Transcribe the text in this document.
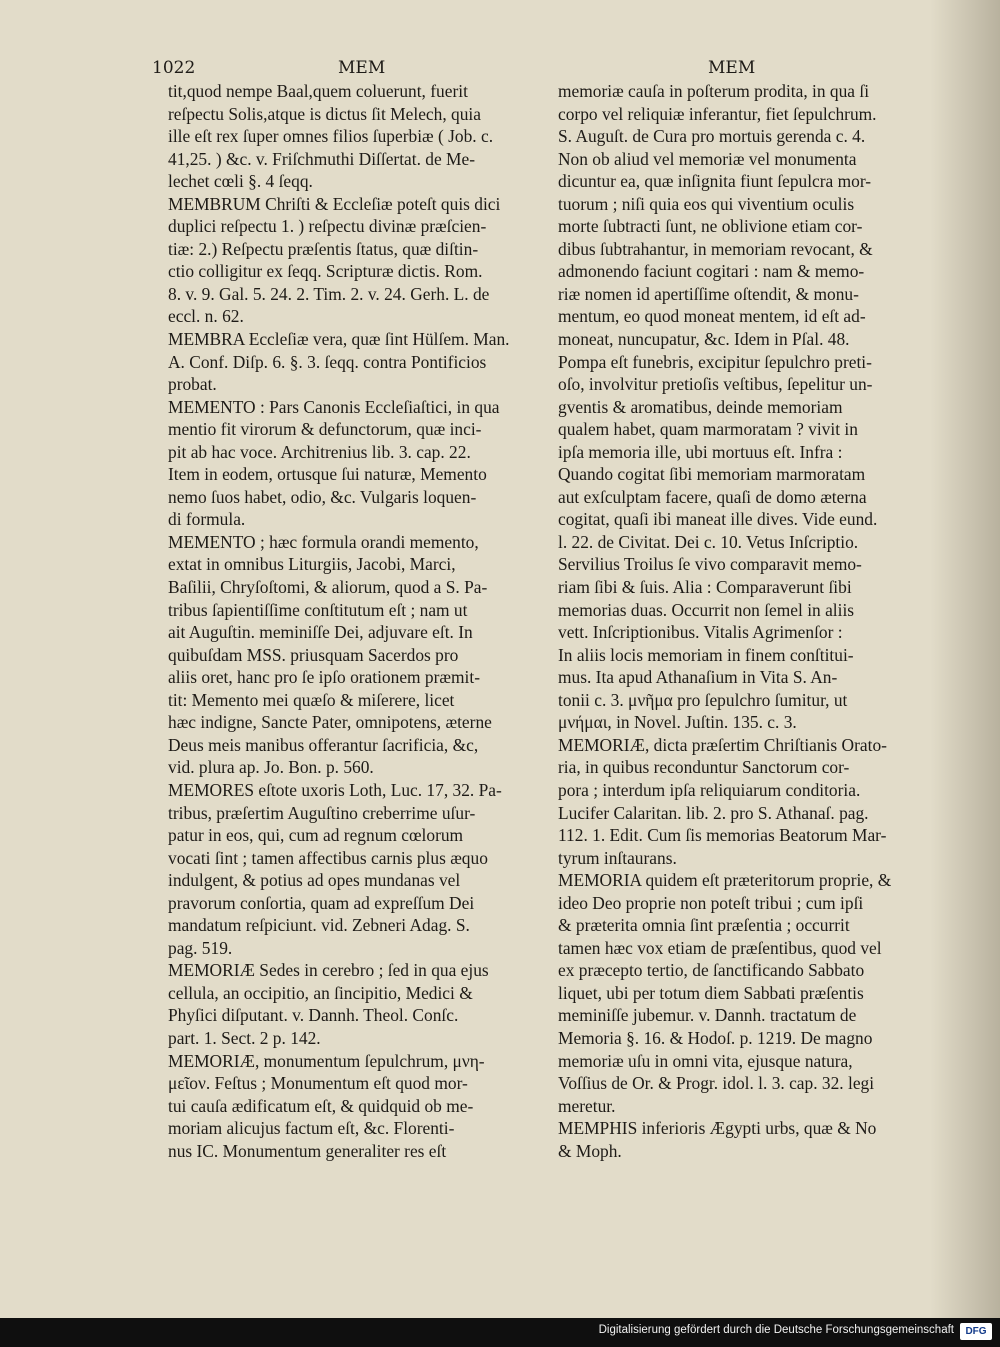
1022	MEM	MEM
tit,quod nempe Baal,quem coluerunt, fuerit
reſpectu Solis,atque is dictus ſit Melech, quia
ille eſt rex ſuper omnes filios ſuperbiæ ( Job. c.
41,25. ) &c. v. Friſchmuthi Diſſertat. de Me-
lechet cœli §. 4 ſeqq.
MEMBRUM Chriſti & Eccleſiæ poteſt quis dici
duplici reſpectu 1. ) reſpectu divinæ præſcien-
tiæ: 2.) Reſpectu præſentis ſtatus, quæ diſtin-
ctio colligitur ex ſeqq. Scripturæ dictis. Rom.
8. v. 9. Gal. 5. 24. 2. Tim. 2. v. 24. Gerh. L. de
eccl. n. 62.
MEMBRA Eccleſiæ vera, quæ ſint Hülſem. Man.
A. Conf. Diſp. 6. §. 3. ſeqq. contra Pontificios
probat.
MEMENTO : Pars Canonis Eccleſiaſtici, in qua
mentio fit virorum & defunctorum, quæ inci-
pit ab hac voce. Architrenius lib. 3. cap. 22.
Item in eodem, ortusque ſui naturæ, Memento
nemo ſuos habet, odio, &c. Vulgaris loquen-
di formula.
MEMENTO ; hæc formula orandi memento,
extat in omnibus Liturgiis, Jacobi, Marci,
Baſilii, Chryſoſtomi, & aliorum, quod a S. Pa-
tribus ſapientiſſime conſtitutum eſt ; nam ut
ait Auguſtin. meminiſſe Dei, adjuvare eſt. In
quibuſdam MSS. priusquam Sacerdos pro
aliis oret, hanc pro ſe ipſo orationem præmit-
tit: Memento mei quæſo & miſerere, licet
hæc indigne, Sancte Pater, omnipotens, æterne
Deus meis manibus offerantur ſacrificia, &c,
vid. plura ap. Jo. Bon. p. 560.
MEMORES eſtote uxoris Loth, Luc. 17, 32. Pa-
tribus, præſertim Auguſtino creberrime uſur-
patur in eos, qui, cum ad regnum cœlorum
vocati ſint ; tamen affectibus carnis plus æquo
indulgent, & potius ad opes mundanas vel
pravorum conſortia, quam ad expreſſum Dei
mandatum reſpiciunt. vid. Zebneri Adag. S.
pag. 519.
MEMORIÆ Sedes in cerebro ; ſed in qua ejus
cellula, an occipitio, an ſincipitio, Medici &
Phyſici diſputant. v. Dannh. Theol. Conſc.
part. 1. Sect. 2 p. 142.
MEMORIÆ, monumentum ſepulchrum, μνη-
μεῖον. Feſtus ; Monumentum eſt quod mor-
tui cauſa ædificatum eſt, & quidquid ob me-
moriam alicujus factum eſt, &c. Florenti-
nus IC. Monumentum generaliter res eſt
memoriæ cauſa in poſterum prodita, in qua ſi
corpo vel reliquiæ inferantur, fiet ſepulchrum.
S. Auguſt. de Cura pro mortuis gerenda c. 4.
Non ob aliud vel memoriæ vel monumenta
dicuntur ea, quæ inſignita fiunt ſepulcra mor-
tuorum ; niſi quia eos qui viventium oculis
morte ſubtracti ſunt, ne oblivione etiam cor-
dibus ſubtrahantur, in memoriam revocant, &
admonendo faciunt cogitari : nam & memo-
riæ nomen id apertiſſime oſtendit, & monu-
mentum, eo quod moneat mentem, id eſt ad-
moneat, nuncupatur, &c. Idem in Pſal. 48.
Pompa eſt funebris, excipitur ſepulchro preti-
oſo, involvitur pretioſis veſtibus, ſepelitur un-
gventis & aromatibus, deinde memoriam
qualem habet, quam marmoratam ? vivit in
ipſa memoria ille, ubi mortuus eſt. Infra :
Quando cogitat ſibi memoriam marmoratam
aut exſculptam facere, quaſi de domo æterna
cogitat, quaſi ibi maneat ille dives. Vide eund.
l. 22. de Civitat. Dei c. 10. Vetus Inſcriptio.
Servilius Troilus ſe vivo comparavit memo-
riam ſibi & ſuis. Alia : Comparaverunt ſibi
memorias duas. Occurrit non ſemel in aliis
vett. Inſcriptionibus. Vitalis Agrimenſor :
In aliis locis memoriam in finem conſtitui-
mus. Ita apud Athanaſium in Vita S. An-
tonii c. 3. μνῆμα pro ſepulchro ſumitur, ut
μνήμαι, in Novel. Juſtin. 135. c. 3.
MEMORIÆ, dicta præſertim Chriſtianis Orato-
ria, in quibus reconduntur Sanctorum cor-
pora ; interdum ipſa reliquiarum conditoria.
Lucifer Calaritan. lib. 2. pro S. Athanaſ. pag.
112. 1. Edit. Cum ſis memorias Beatorum Mar-
tyrum inſtaurans.
MEMORIA quidem eſt præteritorum proprie, &
ideo Deo proprie non poteſt tribui ; cum ipſi
& præterita omnia ſint præſentia ; occurrit
tamen hæc vox etiam de præſentibus, quod vel
ex præcepto tertio, de ſanctificando Sabbato
liquet, ubi per totum diem Sabbati præſentis
meminiſſe jubemur. v. Dannh. tractatum de
Memoria §. 16. & Hodoſ. p. 1219. De magno
memoriæ uſu in omni vita, ejusque natura,
Voſſius de Or. & Progr. idol. l. 3. cap. 32. legi
meretur.
MEMPHIS inferioris Ægypti urbs, quæ & No
& Moph.
Digitalisierung gefördert durch die Deutsche Forschungsgemeinschaft	DFG
